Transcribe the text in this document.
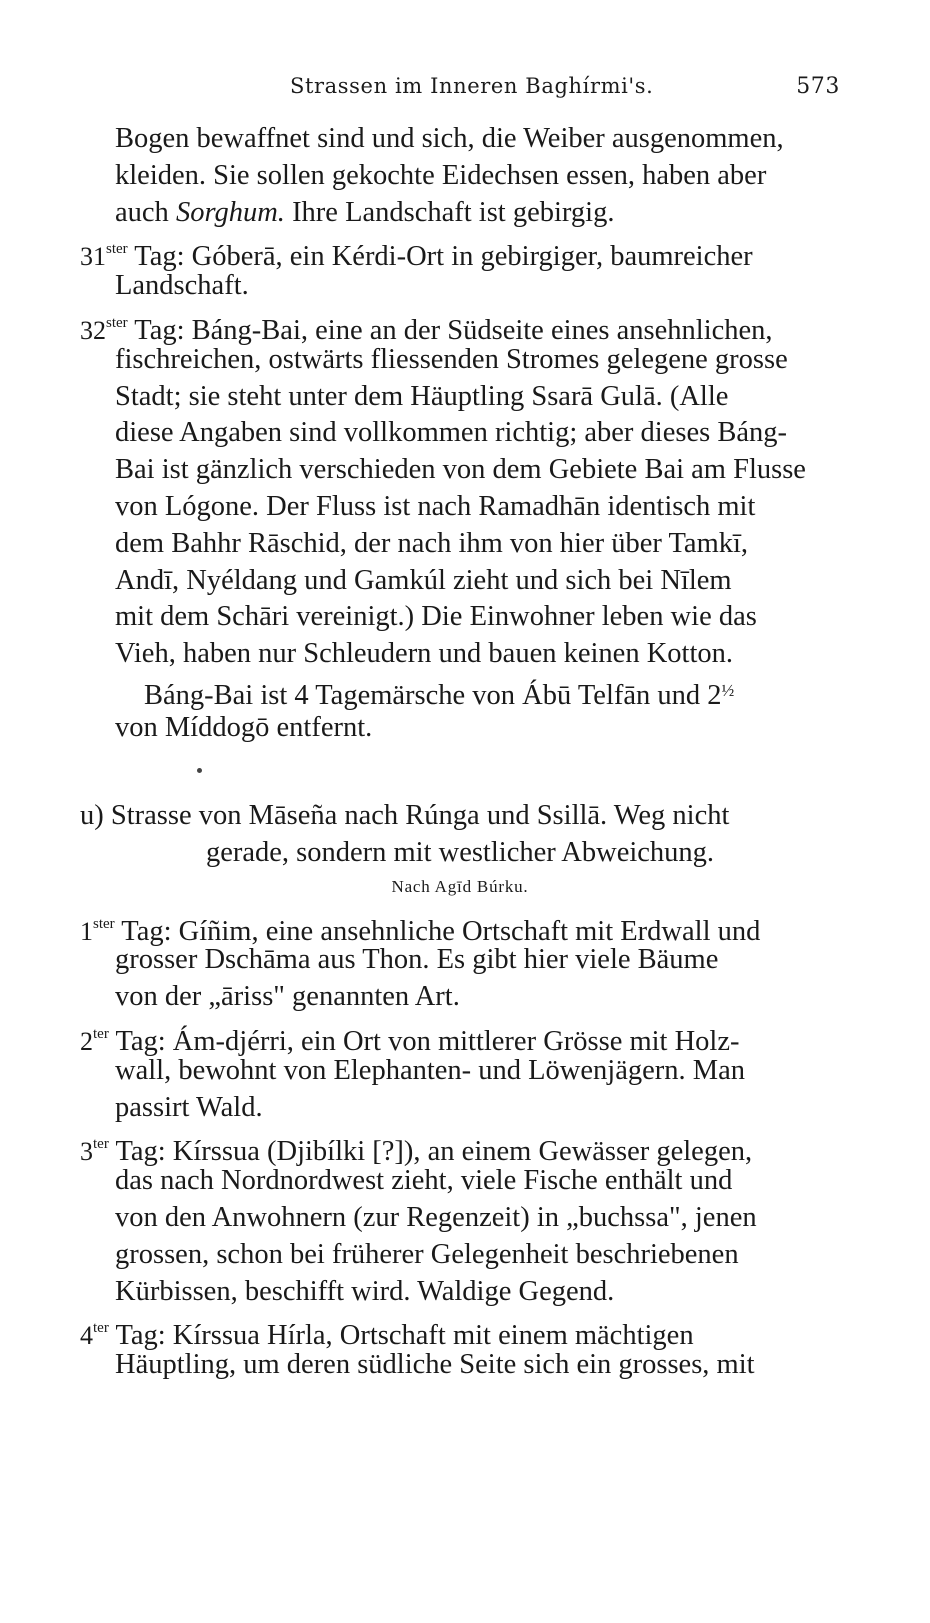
Strassen im Inneren Baghírmi's.	573
Bogen bewaffnet sind und sich, die Weiber ausgenommen,
kleiden. Sie sollen gekochte Eidechsen essen, haben aber
auch Sorghum. Ihre Landschaft ist gebirgig.
$31^{ster}$ Tag: Góberā, ein Kérdi-Ort in gebirgiger, baumreicher
Landschaft.
$32^{ster}$ Tag: Báng-Bai, eine an der Südseite eines ansehnlichen,
fischreichen, ostwärts fliessenden Stromes gelegene grosse
Stadt; sie steht unter dem Häuptling Ssarā Gulā. (Alle
diese Angaben sind vollkommen richtig; aber dieses Báng-
Bai ist gänzlich verschieden von dem Gebiete Bai am Flusse
von Lógone. Der Fluss ist nach Ramadhān identisch mit
dem Bahhr Rāschid, der nach ihm von hier über Tamkī,
Andī, Nyéldang und Gamkúl zieht und sich bei Nīlem
mit dem Schāri vereinigt.) Die Einwohner leben wie das
Vieh, haben nur Schleudern und bauen keinen Kotton.
Báng-Bai ist 4 Tagemärsche von Ábū Telfān und $2^{\frac{1}{2}}$
von Míddogō entfernt.
u) Strasse von Māseña nach Rúnga und Ssillā. Weg nicht
gerade, sondern mit westlicher Abweichung.
Nach Agīd Búrku.
$1^{ster}$ Tag: Gíñim, eine ansehnliche Ortschaft mit Erdwall und
grosser Dschāma aus Thon. Es gibt hier viele Bäume
von der „āriss" genannten Art.
$2^{ter}$ Tag: Ám-djérri, ein Ort von mittlerer Grösse mit Holz-
wall, bewohnt von Elephanten- und Löwenjägern. Man
passirt Wald.
$3^{ter}$ Tag: Kírssua (Djibílki [?]), an einem Gewässer gelegen,
das nach Nordnordwest zieht, viele Fische enthält und
von den Anwohnern (zur Regenzeit) in „buchssa", jenen
grossen, schon bei früherer Gelegenheit beschriebenen
Kürbissen, beschifft wird. Waldige Gegend.
$4^{ter}$ Tag: Kírssua Hírla, Ortschaft mit einem mächtigen
Häuptling, um deren südliche Seite sich ein grosses, mit
